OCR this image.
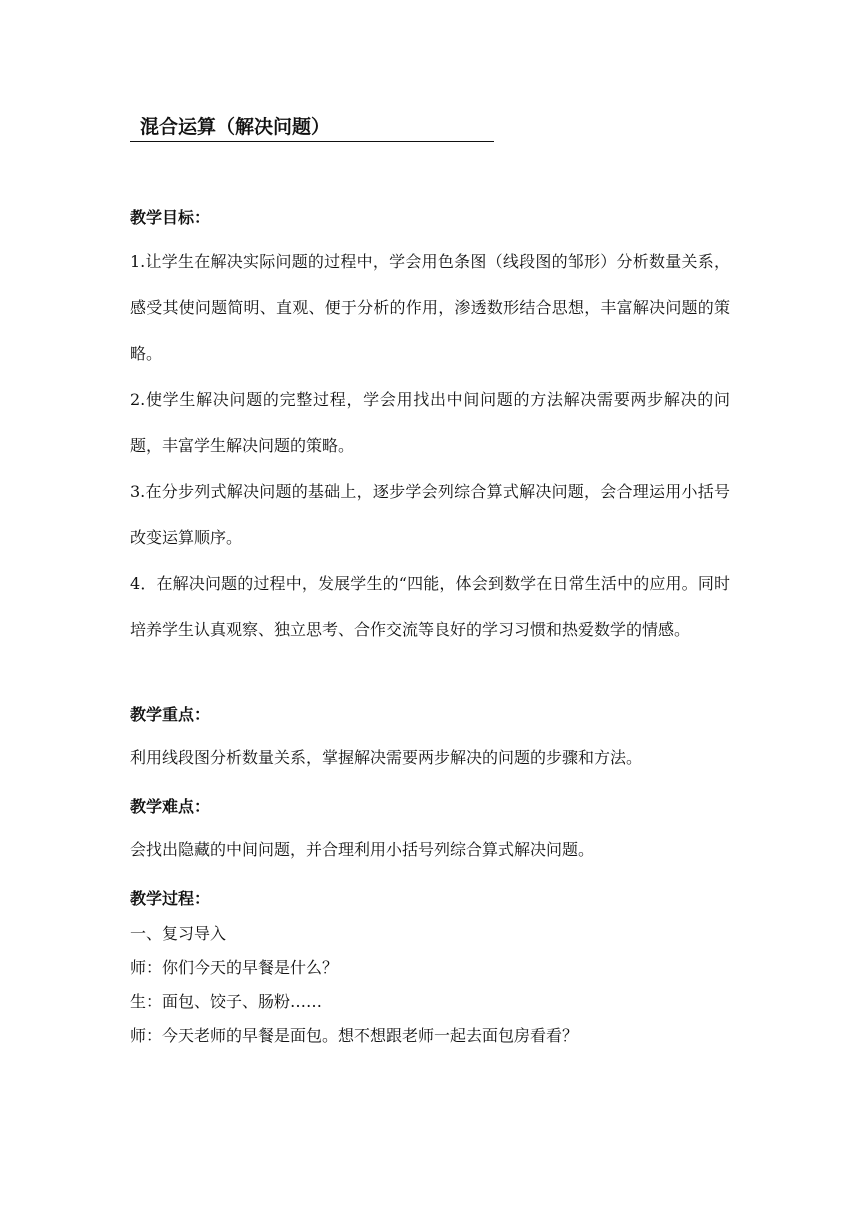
混合运算（解决问题）
教学目标：
1.让学生在解决实际问题的过程中，学会用色条图（线段图的邹形）分析数量关系，感受其使问题简明、直观、便于分析的作用，渗透数形结合思想，丰富解决问题的策略。
2.使学生解决问题的完整过程，学会用找出中间问题的方法解决需要两步解决的问题，丰富学生解决问题的策略。
3.在分步列式解决问题的基础上，逐步学会列综合算式解决问题，会合理运用小括号改变运算顺序。
4．在解决问题的过程中，发展学生的“四能，体会到数学在日常生活中的应用。同时培养学生认真观察、独立思考、合作交流等良好的学习习惯和热爱数学的情感。
教学重点：
利用线段图分析数量关系，掌握解决需要两步解决的问题的步骤和方法。
教学难点：
会找出隐藏的中间问题，并合理利用小括号列综合算式解决问题。
教学过程：
一、复习导入
师：你们今天的早餐是什么？
生：面包、饺子、肠粉……
师：今天老师的早餐是面包。想不想跟老师一起去面包房看看？
